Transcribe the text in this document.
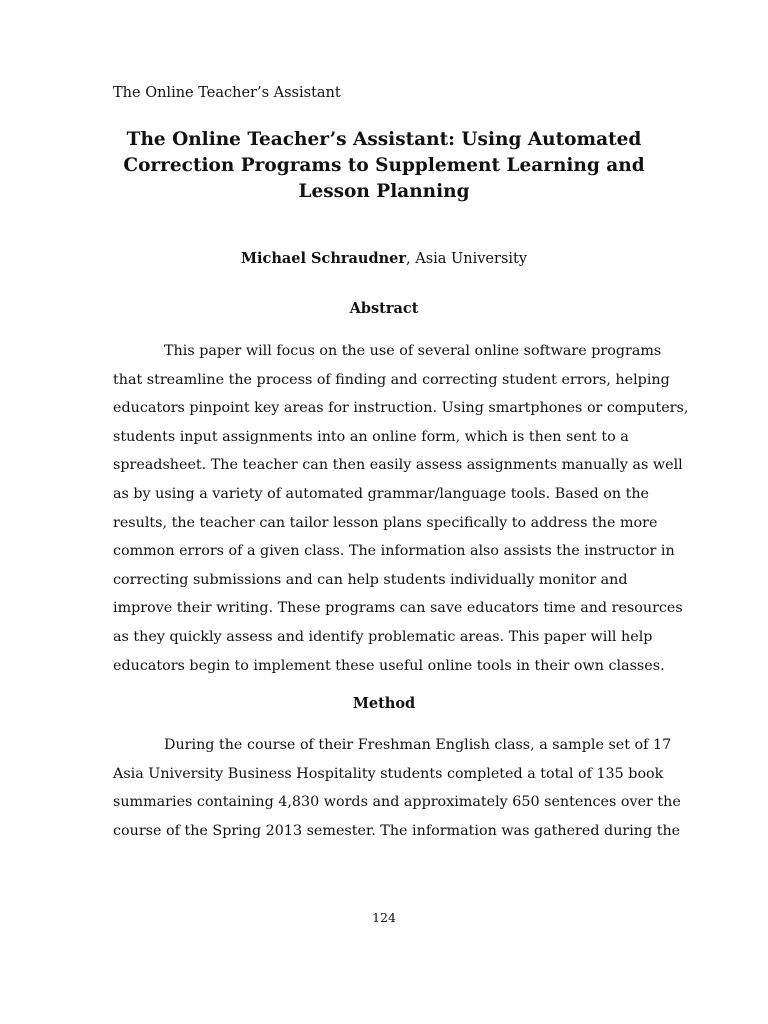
The Online Teacher’s Assistant
The Online Teacher’s Assistant: Using Automated
Correction Programs to Supplement Learning and
Lesson Planning
Michael Schraudner, Asia University
Abstract

This paper will focus on the use of several online software programs
that streamline the process of finding and correcting student errors, helping
educators pinpoint key areas for instruction. Using smartphones or computers,
students input assignments into an online form, which is then sent to a
spreadsheet. The teacher can then easily assess assignments manually as well
as by using a variety of automated grammar/language tools. Based on the
results, the teacher can tailor lesson plans specifically to address the more
common errors of a given class. The information also assists the instructor in
correcting submissions and can help students individually monitor and
improve their writing. These programs can save educators time and resources
as they quickly assess and identify problematic areas. This paper will help
educators begin to implement these useful online tools in their own classes.

Method

During the course of their Freshman English class, a sample set of 17
Asia University Business Hospitality students completed a total of 135 book
summaries containing 4,830 words and approximately 650 sentences over the
course of the Spring 2013 semester. The information was gathered during the

124
